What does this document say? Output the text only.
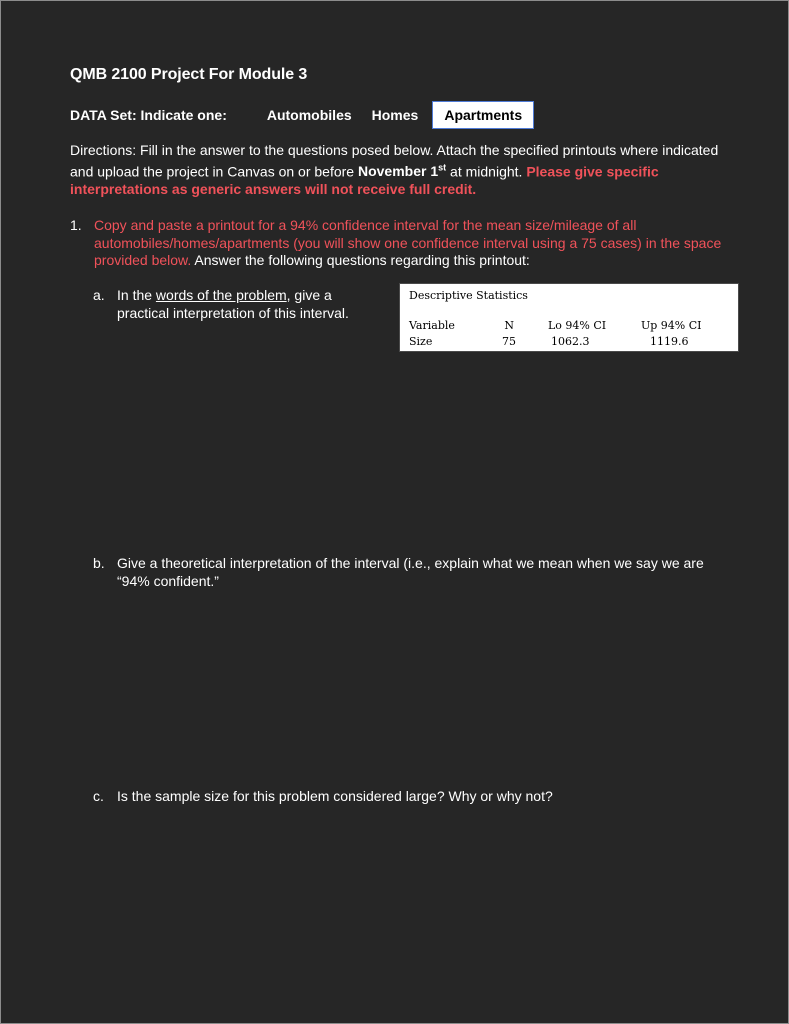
QMB 2100 Project For Module 3
DATA Set: Indicate one:	Automobiles	Homes	Apartments
Directions: Fill in the answer to the questions posed below. Attach the specified printouts where indicated and upload the project in Canvas on or before November 1st at midnight. Please give specific interpretations as generic answers will not receive full credit.
1. Copy and paste a printout for a 94% confidence interval for the mean size/mileage of all automobiles/homes/apartments (you will show one confidence interval using a 75 cases) in the space provided below. Answer the following questions regarding this printout:
a. In the words of the problem, give a practical interpretation of this interval.
Descriptive Statistics
Variable	N	Lo 94% CI	Up 94% CI
Size	75	1062.3	1119.6
b. Give a theoretical interpretation of the interval (i.e., explain what we mean when we say we are “94% confident.”
c. Is the sample size for this problem considered large? Why or why not?
